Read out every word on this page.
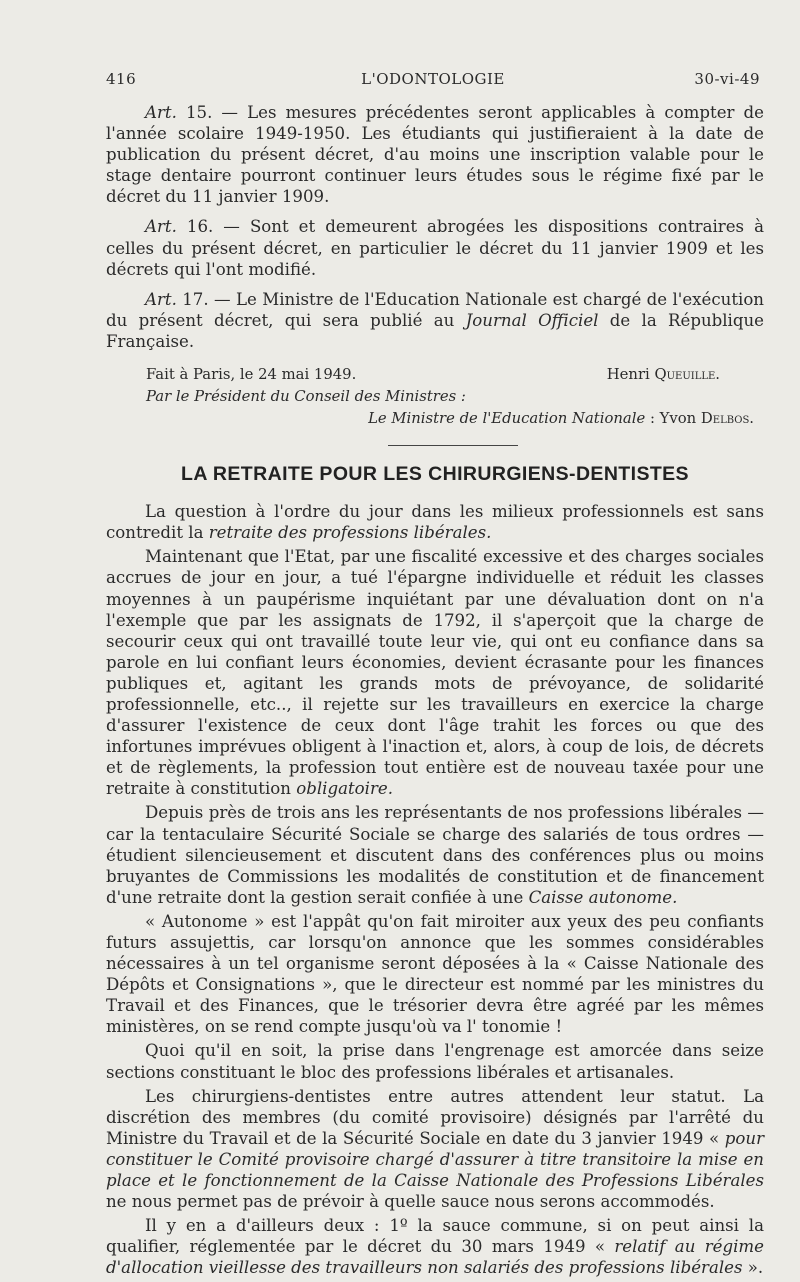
416	L'ODONTOLOGIE	30-vi-49

Art. 15. — Les mesures précédentes seront applicables à compter de l'année scolaire 1949-1950. Les étudiants qui justifieraient à la date de publication du présent décret, d'au moins une inscription valable pour le stage dentaire pourront continuer leurs études sous le régime fixé par le décret du 11 janvier 1909.

Art. 16. — Sont et demeurent abrogées les dispositions contraires à celles du présent décret, en particulier le décret du 11 janvier 1909 et les décrets qui l'ont modifié.

Art. 17. — Le Ministre de l'Education Nationale est chargé de l'exécution du présent décret, qui sera publié au Journal Officiel de la République Française.

Fait à Paris, le 24 mai 1949.	Henri Queuille.
Par le Président du Conseil des Ministres :
Le Ministre de l'Education Nationale : Yvon Delbos.
LA RETRAITE POUR LES CHIRURGIENS-DENTISTES

La question à l'ordre du jour dans les milieux professionnels est sans contredit la retraite des professions libérales.

Maintenant que l'Etat, par une fiscalité excessive et des charges sociales accrues de jour en jour, a tué l'épargne individuelle et réduit les classes moyennes à un paupérisme inquiétant par une dévaluation dont on n'a l'exemple que par les assignats de 1792, il s'aperçoit que la charge de secourir ceux qui ont travaillé toute leur vie, qui ont eu confiance dans sa parole en lui confiant leurs économies, devient écrasante pour les finances publiques et, agitant les grands mots de prévoyance, de solidarité professionnelle, etc.., il rejette sur les travailleurs en exercice la charge d'assurer l'existence de ceux dont l'âge trahit les forces ou que des infortunes imprévues obligent à l'inaction et, alors, à coup de lois, de décrets et de règlements, la profession tout entière est de nouveau taxée pour une retraite à constitution obligatoire.

Depuis près de trois ans les représentants de nos professions libérales — car la tentaculaire Sécurité Sociale se charge des salariés de tous ordres — étudient silencieusement et discutent dans des conférences plus ou moins bruyantes de Commissions les modalités de constitution et de financement d'une retraite dont la gestion serait confiée à une Caisse autonome.

« Autonome » est l'appât qu'on fait miroiter aux yeux des peu confiants futurs assujettis, car lorsqu'on annonce que les sommes considérables nécessaires à un tel organisme seront déposées à la « Caisse Nationale des Dépôts et Consignations », que le directeur est nommé par les ministres du Travail et des Finances, que le trésorier devra être agréé par les mêmes ministères, on se rend compte jusqu'où va l' tonomie !

Quoi qu'il en soit, la prise dans l'engrenage est amorcée dans seize sections constituant le bloc des professions libérales et artisanales.

Les chirurgiens-dentistes entre autres attendent leur statut. La discrétion des membres (du comité provisoire) désignés par l'arrêté du Ministre du Travail et de la Sécurité Sociale en date du 3 janvier 1949 « pour constituer le Comité provisoire chargé d'assurer à titre transitoire la mise en place et le fonctionnement de la Caisse Nationale des Professions Libérales ne nous permet pas de prévoir à quelle sauce nous serons accommodés.

Il y en a d'ailleurs deux : 1º la sauce commune, si on peut ainsi la qualifier, réglementée par le décret du 30 mars 1949 « relatif au régime d'allocation vieillesse des travailleurs non salariés des professions libérales ».
